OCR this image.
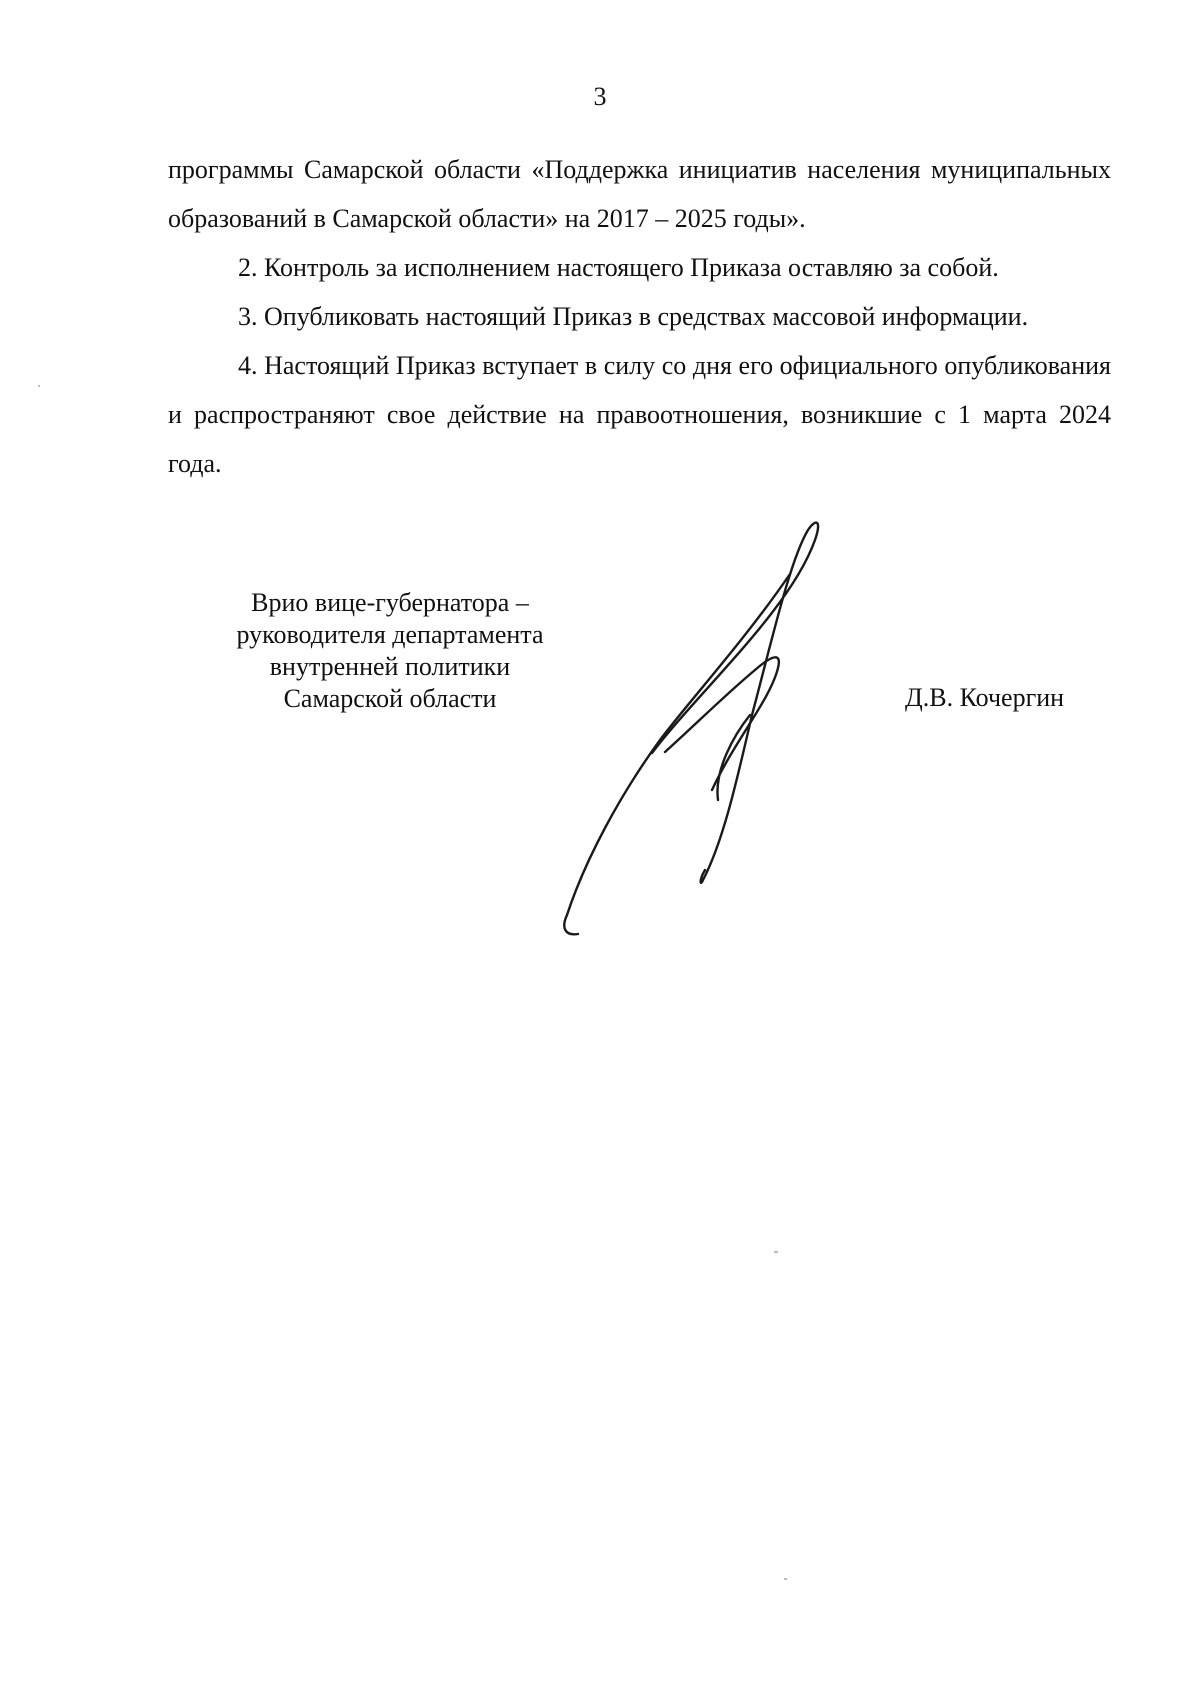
3

программы Самарской области «Поддержка инициатив населения муниципальных образований в Самарской области» на 2017 – 2025 годы».

2. Контроль за исполнением настоящего Приказа оставляю за собой.

3. Опубликовать настоящий Приказ в средствах массовой информации.

4. Настоящий Приказ вступает в силу со дня его официального опубликования и распространяют свое действие на правоотношения, возникшие с 1 марта 2024 года.

Врио вице-губернатора –
руководителя департамента
внутренней политики
Самарской области	Д.В. Кочергин
